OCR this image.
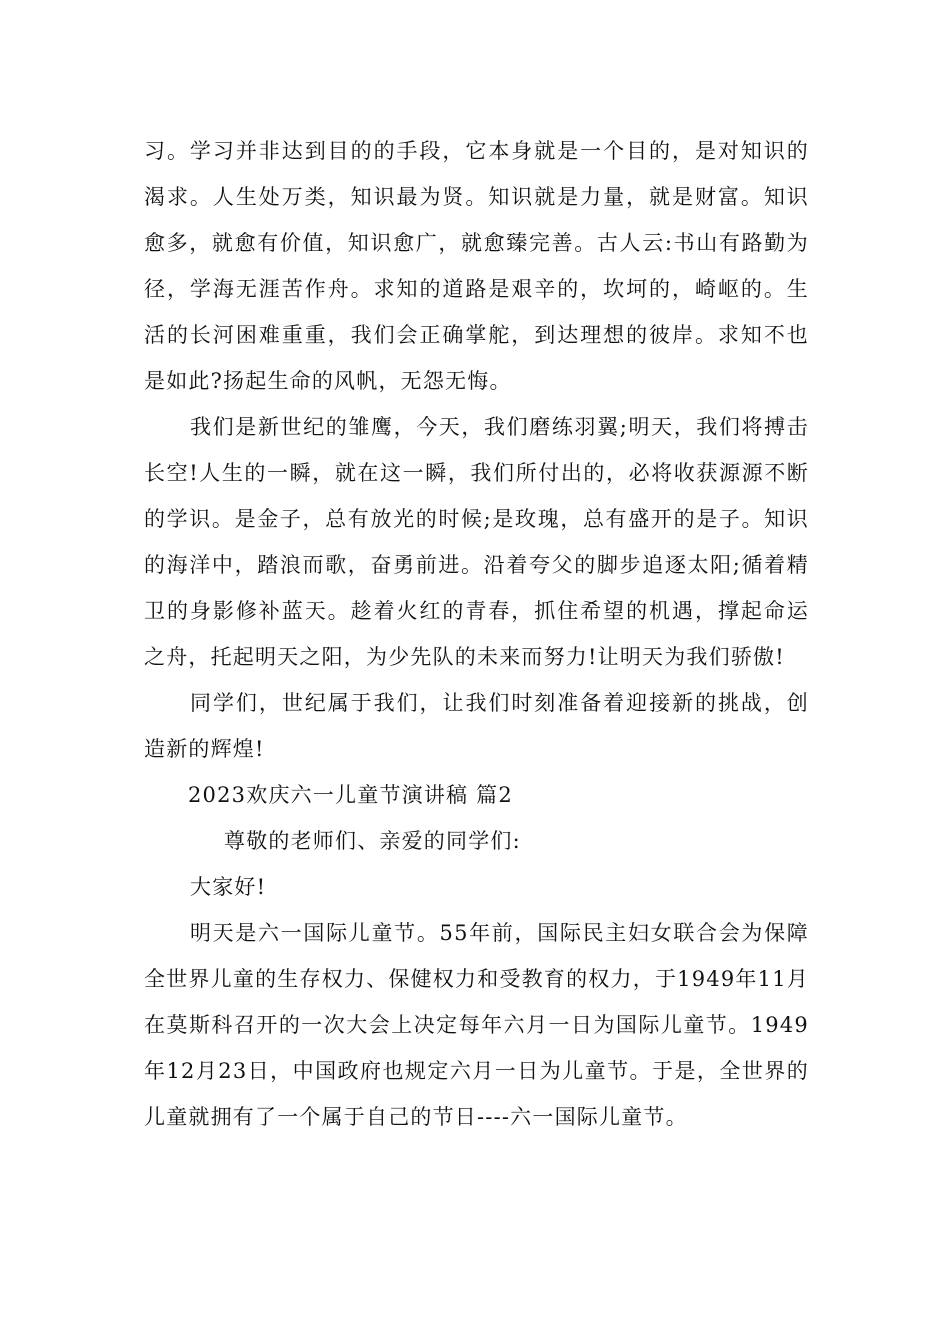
习。学习并非达到目的的手段，它本身就是一个目的，是对知识的渴求。人生处万类，知识最为贤。知识就是力量，就是财富。知识愈多，就愈有价值，知识愈广，就愈臻完善。古人云:书山有路勤为径，学海无涯苦作舟。求知的道路是艰辛的，坎坷的，崎岖的。生活的长河困难重重，我们会正确掌舵，到达理想的彼岸。求知不也是如此?扬起生命的风帆，无怨无悔。

我们是新世纪的雏鹰，今天，我们磨练羽翼;明天，我们将搏击长空!人生的一瞬，就在这一瞬，我们所付出的，必将收获源源不断的学识。是金子，总有放光的时候;是玫瑰，总有盛开的是子。知识的海洋中，踏浪而歌，奋勇前进。沿着夸父的脚步追逐太阳;循着精卫的身影修补蓝天。趁着火红的青春，抓住希望的机遇，撑起命运之舟，托起明天之阳，为少先队的未来而努力!让明天为我们骄傲!

同学们，世纪属于我们，让我们时刻准备着迎接新的挑战，创造新的辉煌!

2023欢庆六一儿童节演讲稿 篇2

尊敬的老师们、亲爱的同学们:

大家好!

明天是六一国际儿童节。55年前，国际民主妇女联合会为保障全世界儿童的生存权力、保健权力和受教育的权力，于1949年11月在莫斯科召开的一次大会上决定每年六月一日为国际儿童节。1949年12月23日，中国政府也规定六月一日为儿童节。于是，全世界的儿童就拥有了一个属于自己的节日----六一国际儿童节。
